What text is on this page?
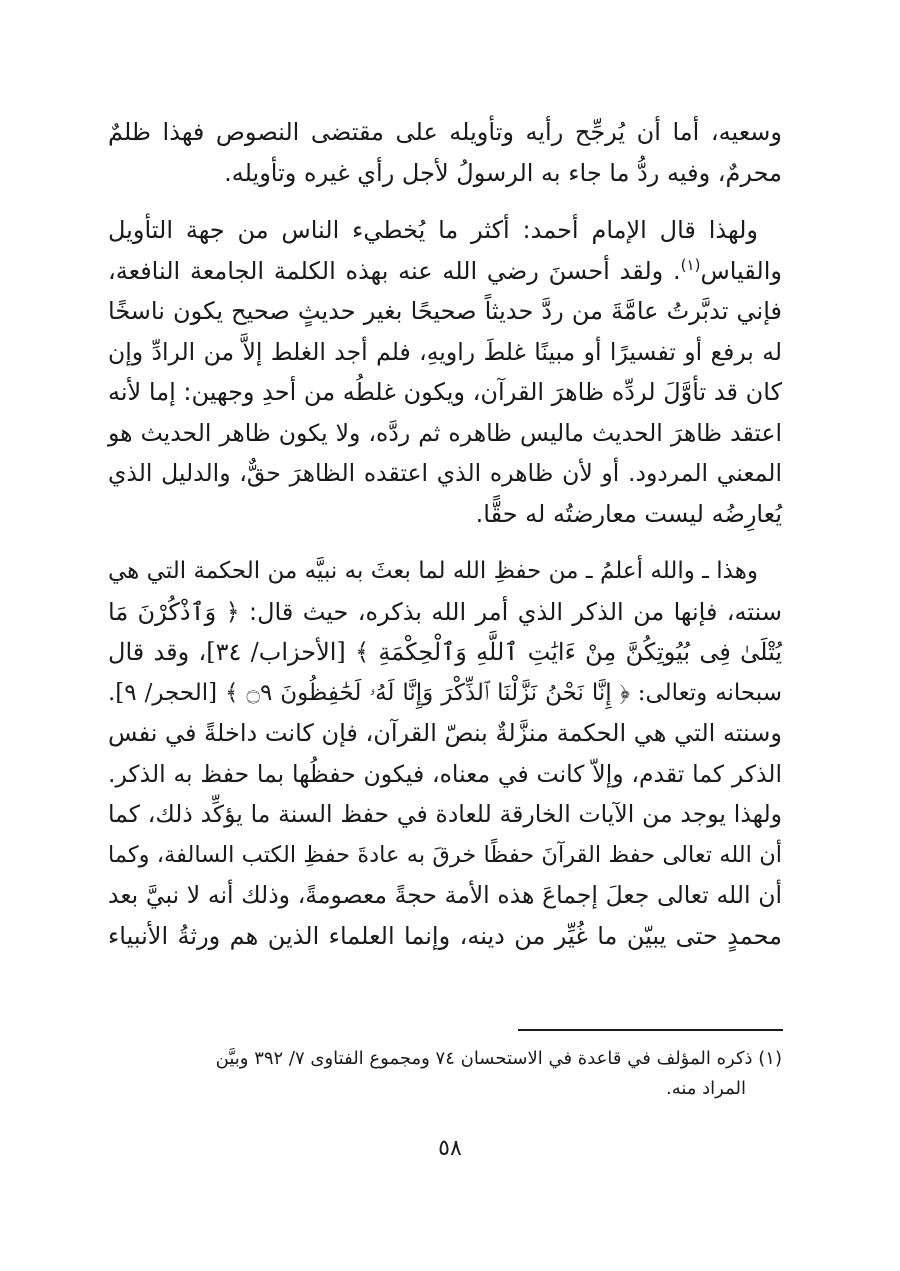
وسعيه، أما أن يُرجِّح رأيه وتأويله على مقتضى النصوص فهذا ظلمٌ
محرمٌ، وفيه ردُّ ما جاء به الرسولُ لأجل رأي غيره وتأويله.

ولهذا قال الإمام أحمد: أكثر ما يُخطيء الناس من جهة التأويل
والقياس$^{(١)}$. ولقد أحسنَ رضي الله عنه بهذه الكلمة الجامعة النافعة،
فإني تدبَّرتُ عامَّةَ من ردَّ حديثاً صحيحًا بغير حديثٍ صحيح يكون ناسخًا
له برفع أو تفسيرًا أو مبينًا غلطَ راويهِ، فلم أجد الغلط إلاَّ من الرادِّ وإن
كان قد تأوَّلَ لردِّه ظاهرَ القرآن، ويكون غلطُه من أحدِ وجهين: إما لأنه
اعتقد ظاهرَ الحديث ماليس ظاهره ثم ردَّه، ولا يكون ظاهر الحديث هو
المعني المردود. أو لأن ظاهره الذي اعتقده الظاهرَ حقٌّ، والدليل الذي
يُعارِضُه ليست معارضتُه له حقًّا.

وهذا ـ والله أعلمُ ـ من حفظِ الله لما بعثَ به نبيَّه من الحكمة التي هي
سنته، فإنها من الذكر الذي أمر الله بذكره، حيث قال: ﴿ وَٱذْكُرْنَ مَا
يُتْلَىٰ فِى بُيُوتِكُنَّ مِنْ ءَايَٰتِ ٱللَّهِ وَٱلْحِكْمَةِ ﴾ [الأحزاب/ ٣٤]، وقد قال
سبحانه وتعالى: ﴿ إِنَّا نَحْنُ نَزَّلْنَا ٱلذِّكْرَ وَإِنَّا لَهُۥ لَحَٰفِظُونَ ۝٩ ﴾ [الحجر/ ٩].
وسنته التي هي الحكمة منزَّلةٌ بنصّ القرآن، فإن كانت داخلةً في نفس
الذكر كما تقدم، وإلاّ كانت في معناه، فيكون حفظُها بما حفظ به الذكر.
ولهذا يوجد من الآيات الخارقة للعادة في حفظ السنة ما يؤكِّد ذلك، كما
أن الله تعالى حفظ القرآنَ حفظًا خرقَ به عادةَ حفظِ الكتب السالفة، وكما
أن الله تعالى جعلَ إجماعَ هذه الأمة حجةً معصومةً، وذلك أنه لا نبيَّ بعد
محمدٍ حتى يبيّن ما غُيِّر من دينه، وإنما العلماء الذين هم ورثةُ الأنبياء

(١) ذكره المؤلف في قاعدة في الاستحسان ٧٤ ومجموع الفتاوى ٧/ ٣٩٢ وبيَّن
المراد منه.
٥٨
